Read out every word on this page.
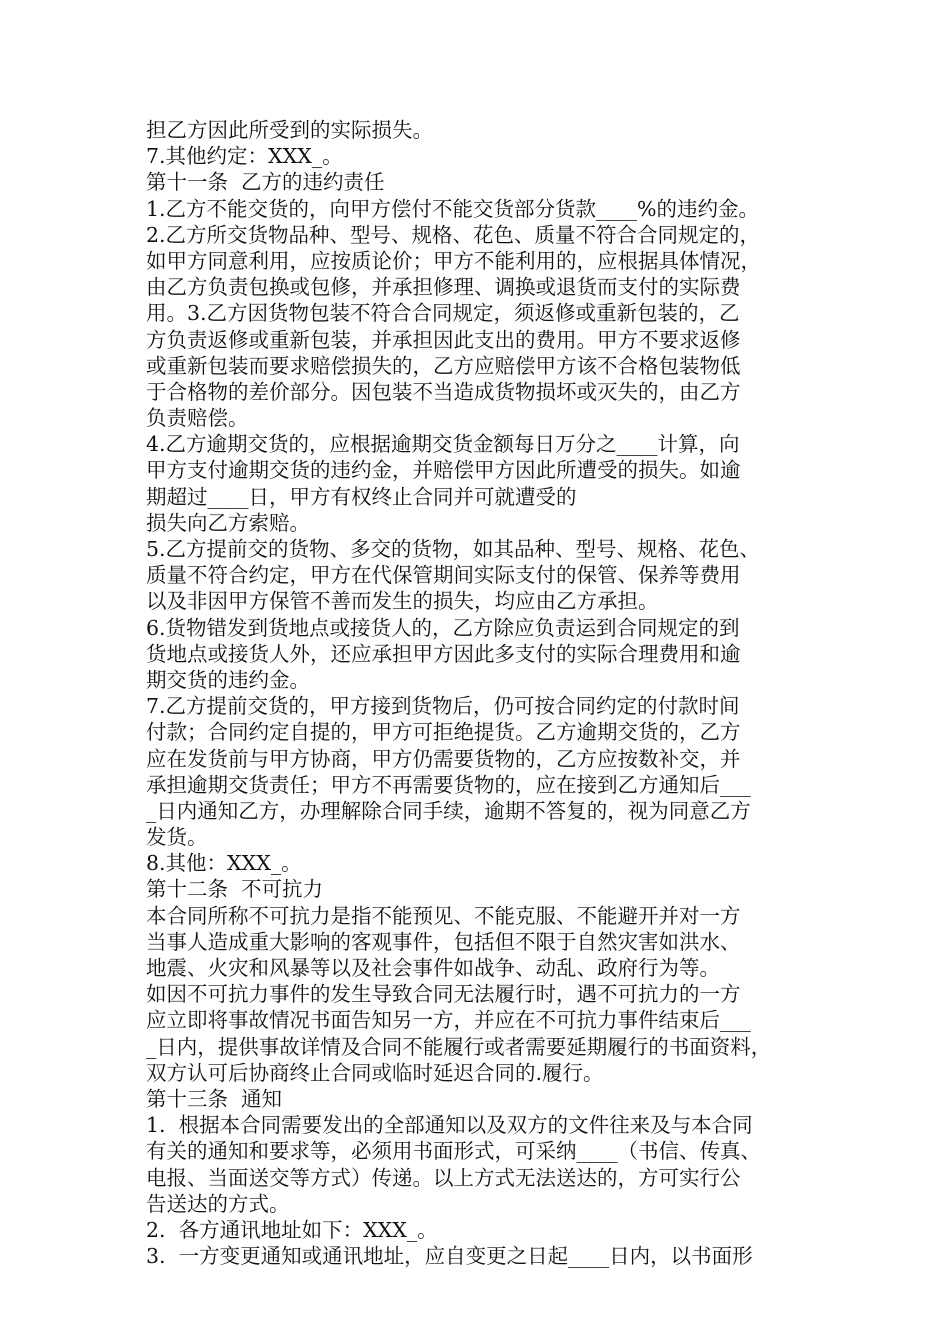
担乙方因此所受到的实际损失。
7.其他约定：XXX_。
第十一条  乙方的违约责任
1.乙方不能交货的，向甲方偿付不能交货部分货款____%的违约金。
2.乙方所交货物品种、型号、规格、花色、质量不符合合同规定的，
如甲方同意利用，应按质论价；甲方不能利用的，应根据具体情况，
由乙方负责包换或包修，并承担修理、调换或退货而支付的实际费
用。3.乙方因货物包装不符合合同规定，须返修或重新包装的，乙
方负责返修或重新包装，并承担因此支出的费用。甲方不要求返修
或重新包装而要求赔偿损失的，乙方应赔偿甲方该不合格包装物低
于合格物的差价部分。因包装不当造成货物损坏或灭失的，由乙方
负责赔偿。
4.乙方逾期交货的，应根据逾期交货金额每日万分之____计算，向
甲方支付逾期交货的违约金，并赔偿甲方因此所遭受的损失。如逾
期超过____日，甲方有权终止合同并可就遭受的
损失向乙方索赔。
5.乙方提前交的货物、多交的货物，如其品种、型号、规格、花色、
质量不符合约定，甲方在代保管期间实际支付的保管、保养等费用
以及非因甲方保管不善而发生的损失，均应由乙方承担。
6.货物错发到货地点或接货人的，乙方除应负责运到合同规定的到
货地点或接货人外，还应承担甲方因此多支付的实际合理费用和逾
期交货的违约金。
7.乙方提前交货的，甲方接到货物后，仍可按合同约定的付款时间
付款；合同约定自提的，甲方可拒绝提货。乙方逾期交货的，乙方
应在发货前与甲方协商，甲方仍需要货物的，乙方应按数补交，并
承担逾期交货责任；甲方不再需要货物的，应在接到乙方通知后___
_日内通知乙方，办理解除合同手续，逾期不答复的，视为同意乙方
发货。
8.其他：XXX_。
第十二条  不可抗力
本合同所称不可抗力是指不能预见、不能克服、不能避开并对一方
当事人造成重大影响的客观事件，包括但不限于自然灾害如洪水、
地震、火灾和风暴等以及社会事件如战争、动乱、政府行为等。
如因不可抗力事件的发生导致合同无法履行时，遇不可抗力的一方
应立即将事故情况书面告知另一方，并应在不可抗力事件结束后___
_日内，提供事故详情及合同不能履行或者需要延期履行的书面资料，
双方认可后协商终止合同或临时延迟合同的.履行。
第十三条  通知
1.  根据本合同需要发出的全部通知以及双方的文件往来及与本合同
有关的通知和要求等，必须用书面形式，可采纳____（书信、传真、
电报、当面送交等方式）传递。以上方式无法送达的，方可实行公
告送达的方式。
2.  各方通讯地址如下：XXX_。
3.  一方变更通知或通讯地址，应自变更之日起____日内，以书面形
